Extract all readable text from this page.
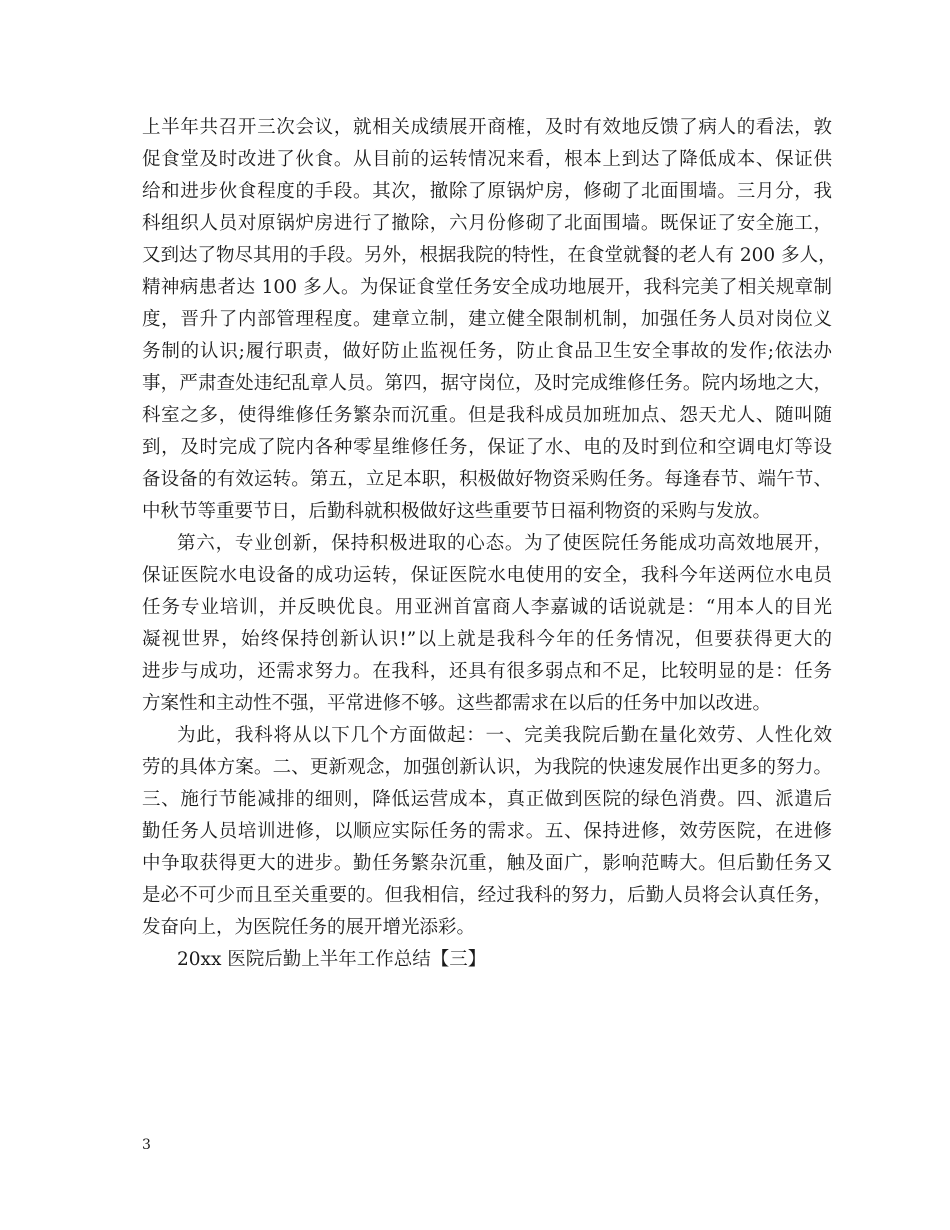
上半年共召开三次会议，就相关成绩展开商榷，及时有效地反馈了病人的看法，敦
促食堂及时改进了伙食。从目前的运转情况来看，根本上到达了降低成本、保证供
给和进步伙食程度的手段。其次，撤除了原锅炉房，修砌了北面围墙。三月分，我
科组织人员对原锅炉房进行了撤除，六月份修砌了北面围墙。既保证了安全施工，
又到达了物尽其用的手段。另外，根据我院的特性，在食堂就餐的老人有 200 多人，
精神病患者达 100 多人。为保证食堂任务安全成功地展开，我科完美了相关规章制
度，晋升了内部管理程度。建章立制，建立健全限制机制，加强任务人员对岗位义
务制的认识;履行职责，做好防止监视任务，防止食品卫生安全事故的发作;依法办
事，严肃查处违纪乱章人员。第四，据守岗位，及时完成维修任务。院内场地之大，
科室之多，使得维修任务繁杂而沉重。但是我科成员加班加点、怨天尤人、随叫随
到，及时完成了院内各种零星维修任务，保证了水、电的及时到位和空调电灯等设
备设备的有效运转。第五，立足本职，积极做好物资采购任务。每逢春节、端午节、
中秋节等重要节日，后勤科就积极做好这些重要节日福利物资的采购与发放。
第六，专业创新，保持积极进取的心态。为了使医院任务能成功高效地展开，
保证医院水电设备的成功运转，保证医院水电使用的安全，我科今年送两位水电员
任务专业培训，并反映优良。用亚洲首富商人李嘉诚的话说就是：“用本人的目光
凝视世界，始终保持创新认识!”以上就是我科今年的任务情况，但要获得更大的
进步与成功，还需求努力。在我科，还具有很多弱点和不足，比较明显的是：任务
方案性和主动性不强，平常进修不够。这些都需求在以后的任务中加以改进。
为此，我科将从以下几个方面做起：一、完美我院后勤在量化效劳、人性化效
劳的具体方案。二、更新观念，加强创新认识，为我院的快速发展作出更多的努力。
三、施行节能减排的细则，降低运营成本，真正做到医院的绿色消费。四、派遣后
勤任务人员培训进修，以顺应实际任务的需求。五、保持进修，效劳医院，在进修
中争取获得更大的进步。勤任务繁杂沉重，触及面广，影响范畴大。但后勤任务又
是必不可少而且至关重要的。但我相信，经过我科的努力，后勤人员将会认真任务，
发奋向上，为医院任务的展开增光添彩。
20xx 医院后勤上半年工作总结【三】
3
